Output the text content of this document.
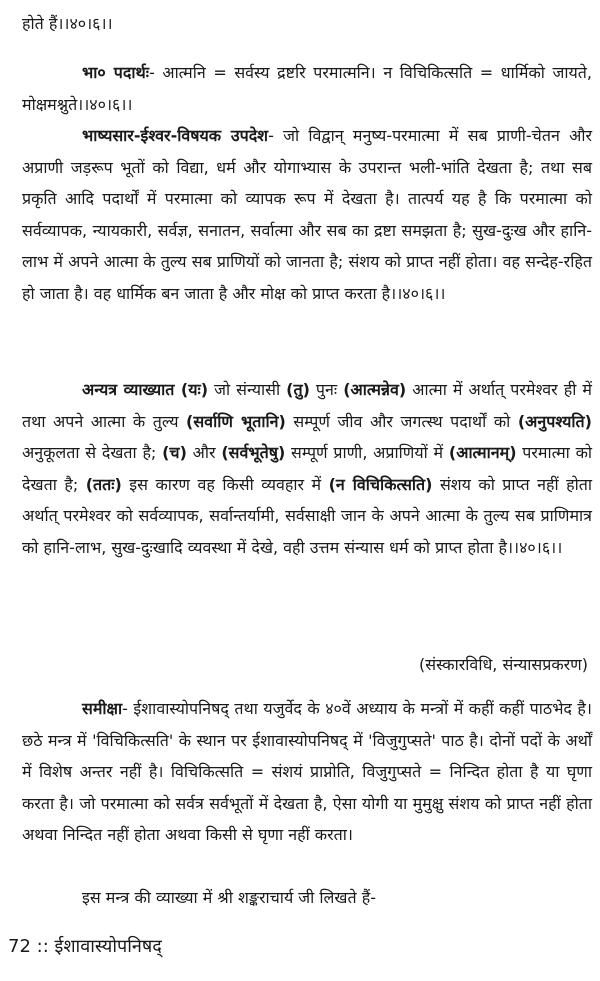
होते हैं।।४०।६।।

भा० पदार्थः- आत्मनि = सर्वस्य द्रष्टरि परमात्मनि। न विचिकित्सति = धार्मिको जायते, मोक्षमश्नुते।।४०।६।।

भाष्यसार-ईश्वर-विषयक उपदेश- जो विद्वान् मनुष्य-परमात्मा में सब प्राणी-चेतन और अप्राणी जड़रूप भूतों को विद्या, धर्म और योगाभ्यास के उपरान्त भली-भांति देखता है; तथा सब प्रकृति आदि पदार्थों में परमात्मा को व्यापक रूप में देखता है। तात्पर्य यह है कि परमात्मा को सर्वव्यापक, न्यायकारी, सर्वज्ञ, सनातन, सर्वात्मा और सब का द्रष्टा समझता है; सुख-दुःख और हानि-लाभ में अपने आत्मा के तुल्य सब प्राणियों को जानता है; संशय को प्राप्त नहीं होता। वह सन्देह-रहित हो जाता है। वह धार्मिक बन जाता है और मोक्ष को प्राप्त करता है।।४०।६।।

अन्यत्र व्याख्यात (यः) जो संन्यासी (तु) पुनः (आत्मन्नेव) आत्मा में अर्थात् परमेश्वर ही में तथा अपने आत्मा के तुल्य (सर्वाणि भूतानि) सम्पूर्ण जीव और जगत्स्थ पदार्थों को (अनुपश्यति) अनुकूलता से देखता है; (च) और (सर्वभूतेषु) सम्पूर्ण प्राणी, अप्राणियों में (आत्मानम्) परमात्मा को देखता है; (ततः) इस कारण वह किसी व्यवहार में (न विचिकित्सति) संशय को प्राप्त नहीं होता अर्थात् परमेश्वर को सर्वव्यापक, सर्वान्तर्यामी, सर्वसाक्षी जान के अपने आत्मा के तुल्य सब प्राणिमात्र को हानि-लाभ, सुख-दुःखादि व्यवस्था में देखे, वही उत्तम संन्यास धर्म को प्राप्त होता है।।४०।६।।

(संस्कारविधि, संन्यासप्रकरण)

समीक्षा- ईशावास्योपनिषद् तथा यजुर्वेद के ४०वें अध्याय के मन्त्रों में कहीं कहीं पाठभेद है। छठे मन्त्र में 'विचिकित्सति' के स्थान पर ईशावास्योपनिषद् में 'विजुगुप्सते' पाठ है। दोनों पदों के अर्थों में विशेष अन्तर नहीं है। विचिकित्सति = संशयं प्राप्नोति, विजुगुप्सते = निन्दित होता है या घृणा करता है। जो परमात्मा को सर्वत्र सर्वभूतों में देखता है, ऐसा योगी या मुमुक्षु संशय को प्राप्त नहीं होता अथवा निन्दित नहीं होता अथवा किसी से घृणा नहीं करता।

इस मन्त्र की व्याख्या में श्री शङ्कराचार्य जी लिखते हैं-

72 :: ईशावास्योपनिषद्
